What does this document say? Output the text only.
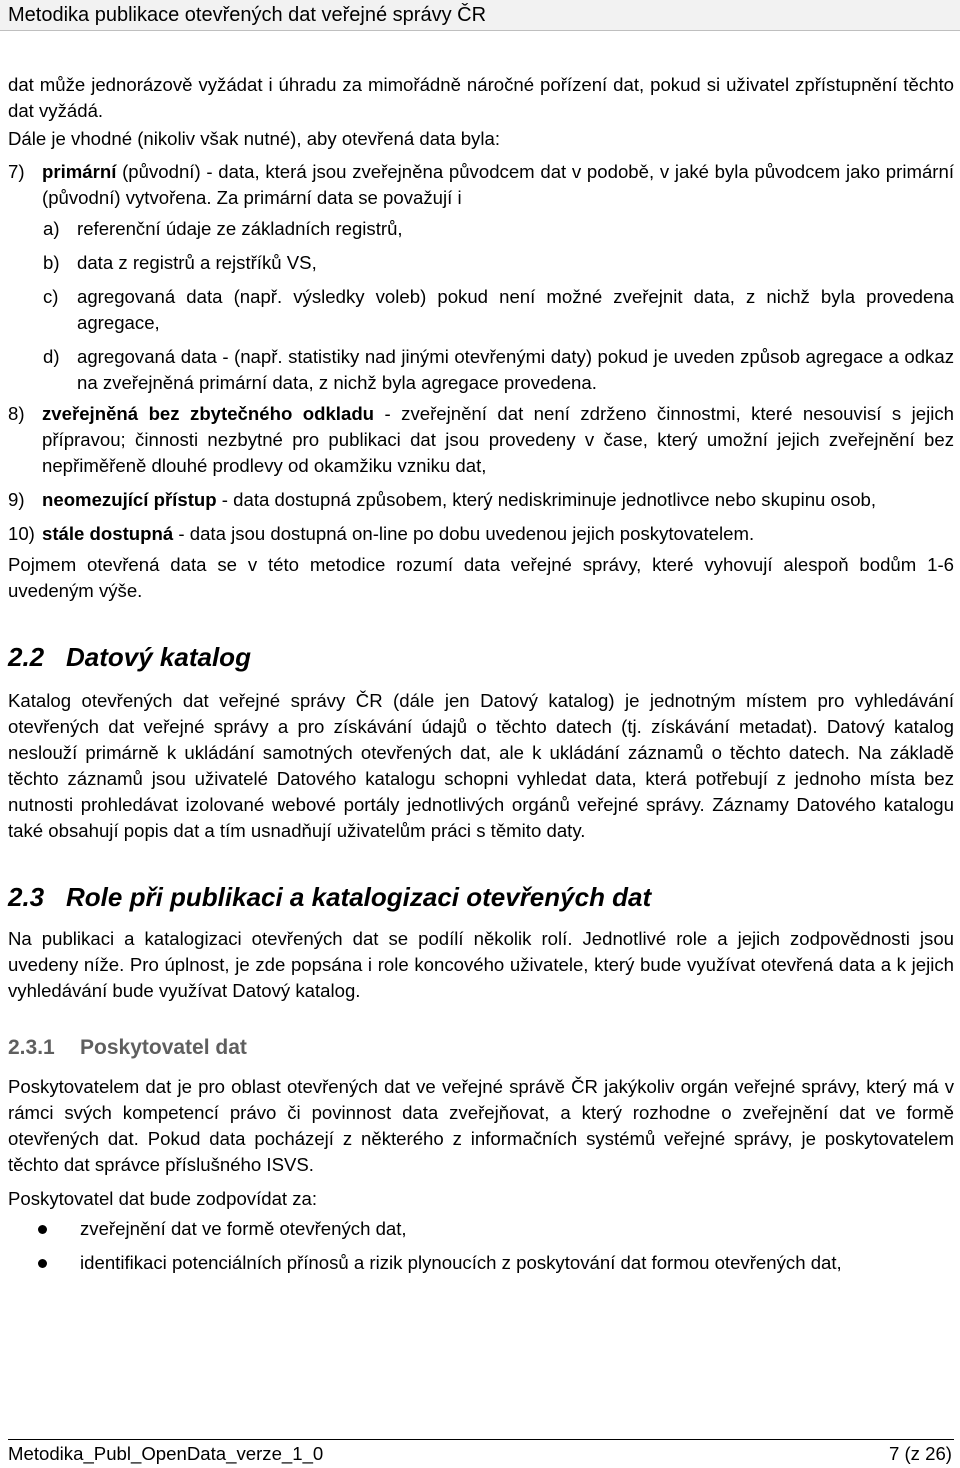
Metodika publikace otevřených dat veřejné správy ČR

dat může jednorázově vyžádat i úhradu za mimořádně náročné pořízení dat, pokud si uživatel zpřístupnění těchto dat vyžádá.

Dále je vhodné (nikoliv však nutné), aby otevřená data byla:

7) primární (původní) - data, která jsou zveřejněna původcem dat v podobě, v jaké byla původcem jako primární (původní) vytvořena. Za primární data se považují i
a) referenční údaje ze základních registrů,
b) data z registrů a rejstříků VS,
c) agregovaná data (např. výsledky voleb) pokud není možné zveřejnit data, z nichž byla provedena agregace,
d) agregovaná data - (např. statistiky nad jinými otevřenými daty) pokud je uveden způsob agregace a odkaz na zveřejněná primární data, z nichž byla agregace provedena.
8) zveřejněná bez zbytečného odkladu - zveřejnění dat není zdrženo činnostmi, které nesouvisí s jejich přípravou; činnosti nezbytné pro publikaci dat jsou provedeny v čase, který umožní jejich zveřejnění bez nepřiměřeně dlouhé prodlevy od okamžiku vzniku dat,
9) neomezující přístup - data dostupná způsobem, který nediskriminuje jednotlivce nebo skupinu osob,
10) stále dostupná - data jsou dostupná on-line po dobu uvedenou jejich poskytovatelem.

Pojmem otevřená data se v této metodice rozumí data veřejné správy, které vyhovují alespoň bodům 1-6 uvedeným výše.

2.2 Datový katalog

Katalog otevřených dat veřejné správy ČR (dále jen Datový katalog) je jednotným místem pro vyhledávání otevřených dat veřejné správy a pro získávání údajů o těchto datech (tj. získávání metadat). Datový katalog neslouží primárně k ukládání samotných otevřených dat, ale k ukládání záznamů o těchto datech. Na základě těchto záznamů jsou uživatelé Datového katalogu schopni vyhledat data, která potřebují z jednoho místa bez nutnosti prohledávat izolované webové portály jednotlivých orgánů veřejné správy. Záznamy Datového katalogu také obsahují popis dat a tím usnadňují uživatelům práci s těmito daty.

2.3 Role při publikaci a katalogizaci otevřených dat

Na publikaci a katalogizaci otevřených dat se podílí několik rolí. Jednotlivé role a jejich zodpovědnosti jsou uvedeny níže. Pro úplnost, je zde popsána i role koncového uživatele, který bude využívat otevřená data a k jejich vyhledávání bude využívat Datový katalog.

2.3.1 Poskytovatel dat

Poskytovatelem dat je pro oblast otevřených dat ve veřejné správě ČR jakýkoliv orgán veřejné správy, který má v rámci svých kompetencí právo či povinnost data zveřejňovat, a který rozhodne o zveřejnění dat ve formě otevřených dat. Pokud data pocházejí z některého z informačních systémů veřejné správy, je poskytovatelem těchto dat správce příslušného ISVS.

Poskytovatel dat bude zodpovídat za:

zveřejnění dat ve formě otevřených dat,
identifikaci potenciálních přínosů a rizik plynoucích z poskytování dat formou otevřených dat,
Metodika_Publ_OpenData_verze_1_0	7 (z 26)
